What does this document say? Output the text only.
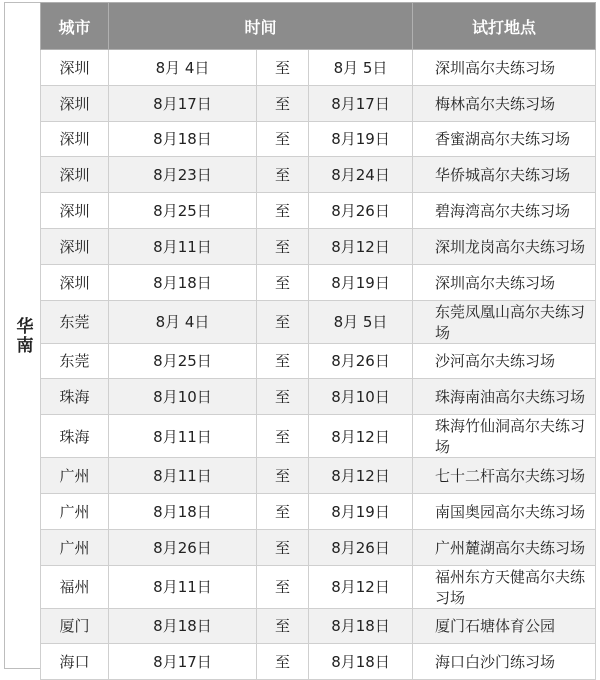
华南
城市	时间			试打地点
深圳	8月 4日	至	8月 5日	深圳高尔夫练习场
深圳	8月17日	至	8月17日	梅林高尔夫练习场
深圳	8月18日	至	8月19日	香蜜湖高尔夫练习场
深圳	8月23日	至	8月24日	华侨城高尔夫练习场
深圳	8月25日	至	8月26日	碧海湾高尔夫练习场
深圳	8月11日	至	8月12日	深圳龙岗高尔夫练习场
深圳	8月18日	至	8月19日	深圳高尔夫练习场
东莞	8月 4日	至	8月 5日	东莞凤凰山高尔夫练习场
东莞	8月25日	至	8月26日	沙河高尔夫练习场
珠海	8月10日	至	8月10日	珠海南油高尔夫练习场
珠海	8月11日	至	8月12日	珠海竹仙洞高尔夫练习场
广州	8月11日	至	8月12日	七十二杆高尔夫练习场
广州	8月18日	至	8月19日	南国奥园高尔夫练习场
广州	8月26日	至	8月26日	广州麓湖高尔夫练习场
福州	8月11日	至	8月12日	福州东方天健高尔夫练习场
厦门	8月18日	至	8月18日	厦门石塘体育公园
海口	8月17日	至	8月18日	海口白沙门练习场
